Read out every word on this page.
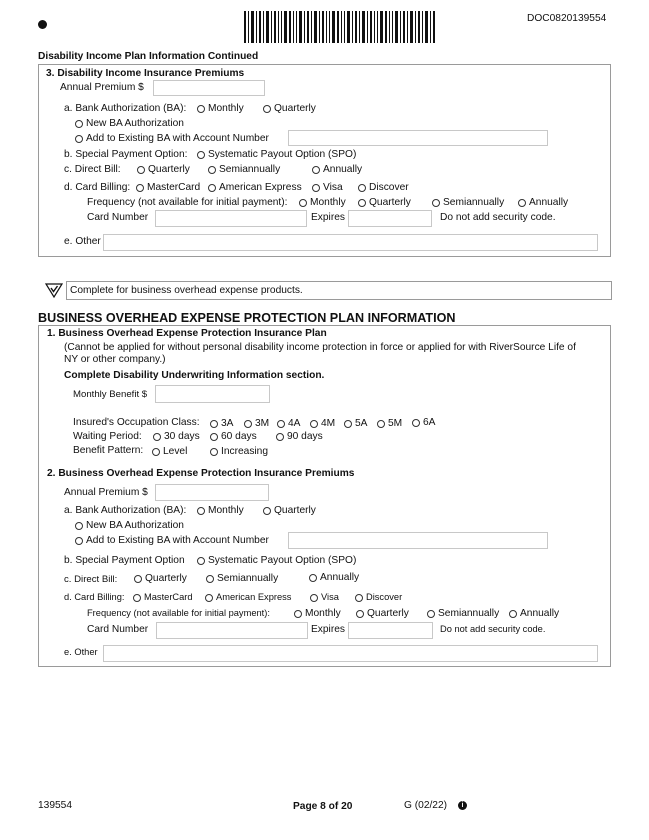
DOC0820139554
Disability Income Plan Information Continued
3. Disability Income Insurance Premiums
Annual Premium $
a. Bank Authorization (BA): Monthly	Quarterly
New BA Authorization
Add to Existing BA with Account Number
b. Special Payment Option: Systematic Payout Option (SPO)
c. Direct Bill:	Quarterly	Semiannually	Annually
d. Card Billing: MasterCard American Express Visa	Discover
Frequency (not available for initial payment): Monthly Quarterly	Semiannually Annually
Card Number	Expires	Do not add security code.
e. Other
Complete for business overhead expense products.
BUSINESS OVERHEAD EXPENSE PROTECTION PLAN INFORMATION
1. Business Overhead Expense Protection Insurance Plan
(Cannot be applied for without personal disability income protection in force or applied for with RiverSource Life of
NY or other company.)
Complete Disability Underwriting Information section.
Monthly Benefit $
Insured's Occupation Class: 3A 3M 4A 4M 5A 5M 6A
Waiting Period: 30 days 60 days	90 days
Benefit Pattern: Level	Increasing
2. Business Overhead Expense Protection Insurance Premiums
Annual Premium $
a. Bank Authorization (BA): Monthly	Quarterly
New BA Authorization
Add to Existing BA with Account Number
b. Special Payment Option Systematic Payout Option (SPO)
c. Direct Bill:	Quarterly	Semiannually	Annually
d. Card Billing: MasterCard	American Express	Visa	Discover
Frequency (not available for initial payment):	Monthly	Quarterly	Semiannually Annually
Card Number	Expires	Do not add security code.
e. Other
139554	Page 8 of 20	G (02/22)	i
